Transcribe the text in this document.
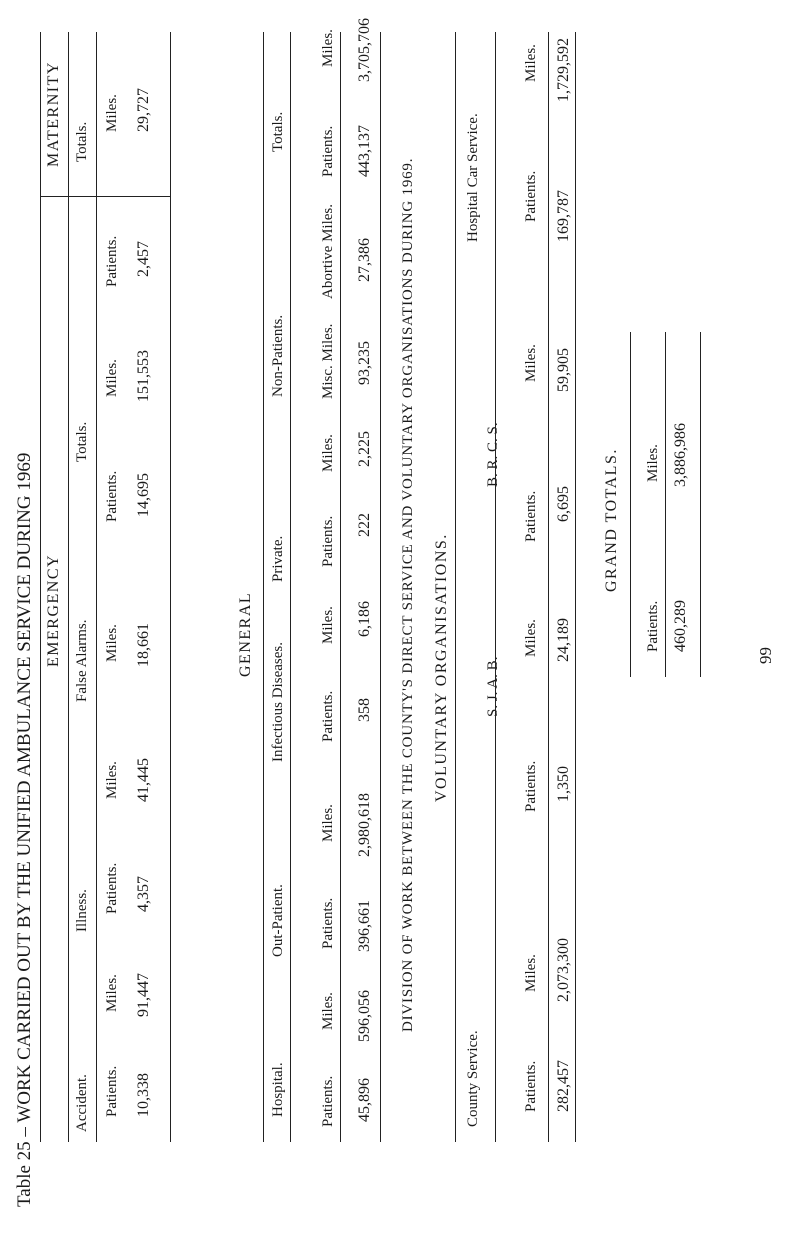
Table 25 – WORK CARRIED OUT BY THE UNIFIED AMBULANCE SERVICE DURING 1969 EMERGENCY
MATERNITY
Accident.
Illness.
False Alarms.
Totals.
Totals.
Patients.
Miles.
Patients.
Miles.
Miles.
Patients.
Miles.
Patients.
Miles.
10,338
91,447
4,357
41,445
18,661
14,695
151,553
2,457
29,727
GENERAL
Hospital.
Out-Patient.
Infectious Diseases.
Private.
Non-Patients.
Totals.
Patients.
Miles.
Patients.
Miles.
Patients.
Miles.
Patients.
Miles.
Misc. Miles.
Abortive Miles.
Patients.
Miles.
45,896
596,056
396,661
2,980,618
358
6,186
222
2,225
93,235
27,386
443,137
3,705,706
DIVISION OF WORK BETWEEN THE COUNTY'S DIRECT SERVICE AND VOLUNTARY ORGANISATIONS DURING 1969. VOLUNTARY ORGANISATIONS.
County Service.
Hospital Car Service.
S. J. A. B.
B. R. C. S.
Patients.
Miles.
Patients.
Miles.
Patients.
Miles.
Patients.
Miles.
282,457
2,073,300
1,350
24,189
6,695
59,905
169,787
1,729,592
GRAND TOTALS.
Patients.
Miles.
460,289
3,886,986
99
